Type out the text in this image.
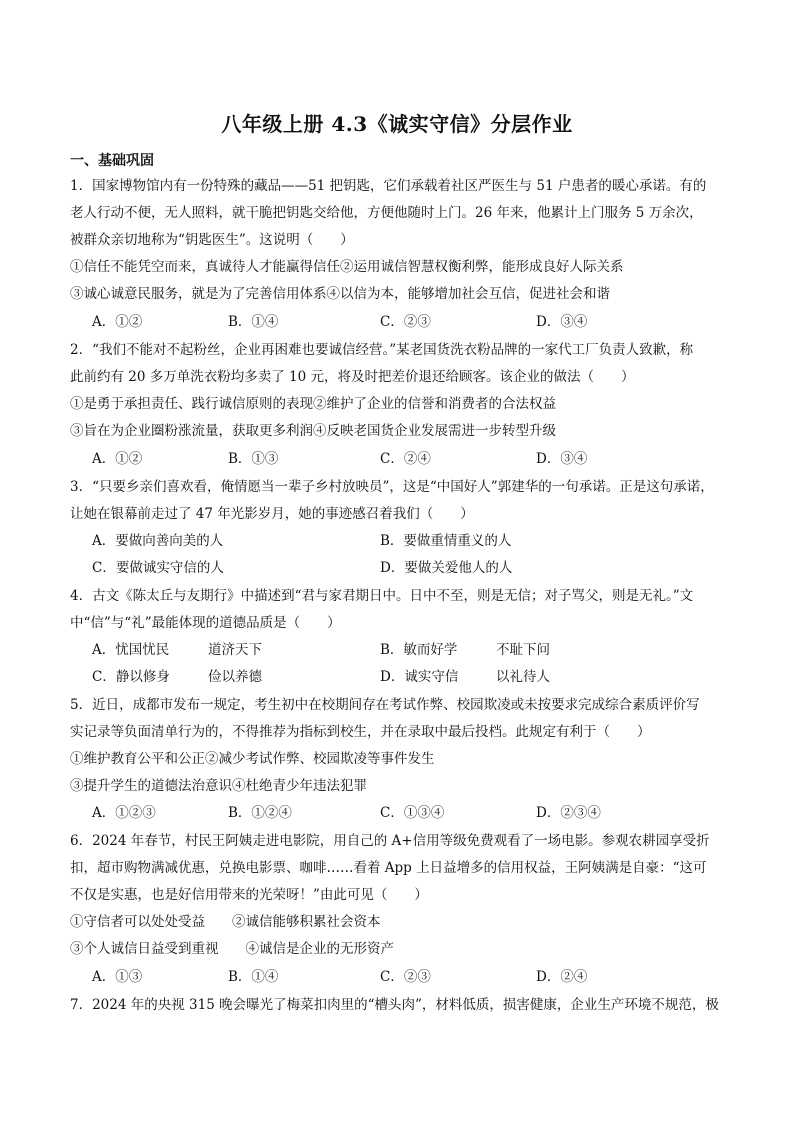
八年级上册 4.3《诚实守信》分层作业
一、基础巩固
1．国家博物馆内有一份特殊的藏品——51 把钥匙，它们承载着社区严医生与 51 户患者的暖心承诺。有的
老人行动不便，无人照料，就干脆把钥匙交给他，方便他随时上门。26 年来，他累计上门服务 5 万余次，
被群众亲切地称为“钥匙医生”。这说明（　　）
①信任不能凭空而来，真诚待人才能赢得信任②运用诚信智慧权衡利弊，能形成良好人际关系
③诚心诚意民服务，就是为了完善信用体系④以信为本，能够增加社会互信，促进社会和谐
A．①②	B．①④	C．②③	D．③④
2．“我们不能对不起粉丝，企业再困难也要诚信经营。”某老国货洗衣粉品牌的一家代工厂负责人致歉，称
此前约有 20 多万单洗衣粉均多卖了 10 元，将及时把差价退还给顾客。该企业的做法（　　）
①是勇于承担责任、践行诚信原则的表现②维护了企业的信誉和消费者的合法权益
③旨在为企业圈粉涨流量，获取更多利润④反映老国货企业发展需进一步转型升级
A．①②	B．①③	C．②④	D．③④
3．“只要乡亲们喜欢看，俺情愿当一辈子乡村放映员”，这是“中国好人”郭建华的一句承诺。正是这句承诺，
让她在银幕前走过了 47 年光影岁月，她的事迹感召着我们（　　）
A．要做向善向美的人	B．要做重情重义的人
C．要做诚实守信的人	D．要做关爱他人的人
4．古文《陈太丘与友期行》中描述到“君与家君期日中。日中不至，则是无信；对子骂父，则是无礼。”文
中“信”与“礼”最能体现的道德品质是（　　）
A．忧国忧民	道济天下	B．敏而好学	不耻下问
C．静以修身	俭以养德	D．诚实守信	以礼待人
5．近日，成都市发布一规定，考生初中在校期间存在考试作弊、校园欺凌或未按要求完成综合素质评价写
实记录等负面清单行为的，不得推荐为指标到校生，并在录取中最后投档。此规定有利于（　　）
①维护教育公平和公正②减少考试作弊、校园欺凌等事件发生
③提升学生的道德法治意识④杜绝青少年违法犯罪
A．①②③	B．①②④	C．①③④	D．②③④
6．2024 年春节，村民王阿姨走进电影院，用自己的 A+信用等级免费观看了一场电影。参观农耕园享受折
扣，超市购物满减优惠，兑换电影票、咖啡……看着 App 上日益增多的信用权益，王阿姨满是自豪：“这可
不仅是实惠，也是好信用带来的光荣呀！”由此可见（　　）
①守信者可以处处受益　　②诚信能够积累社会资本
③个人诚信日益受到重视　　④诚信是企业的无形资产
A．①③	B．①④	C．②③	D．②④
7．2024 年的央视 315 晚会曝光了梅菜扣肉里的“槽头肉”，材料低质，损害健康，企业生产环境不规范，极
